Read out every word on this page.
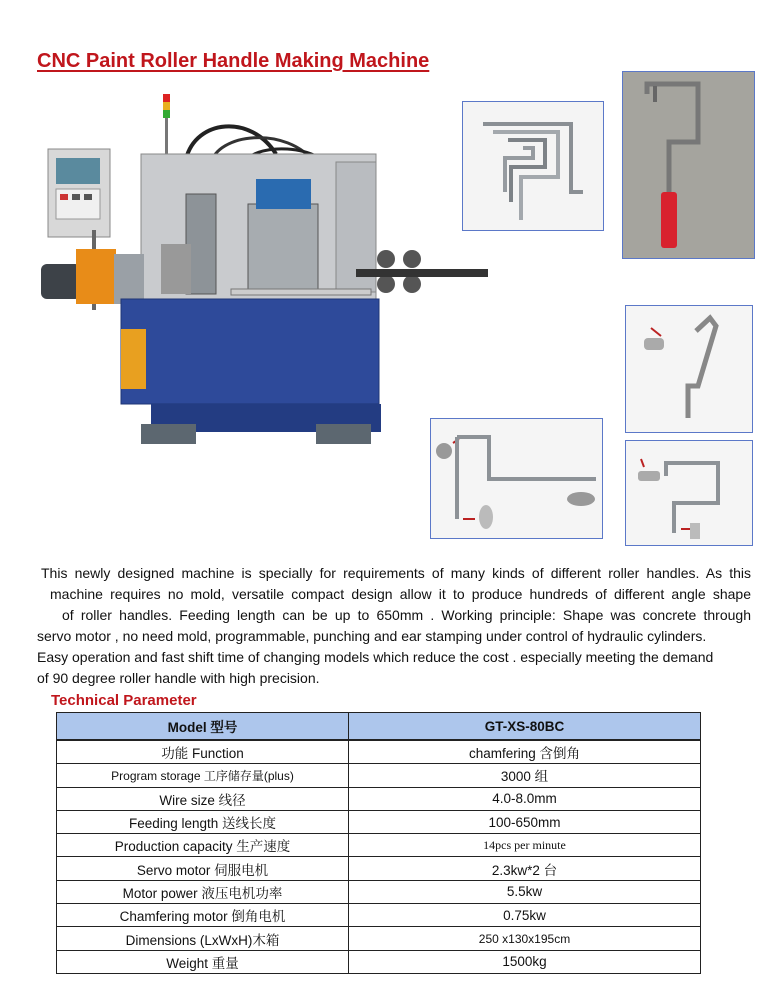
CNC Paint Roller Handle Making Machine
This newly designed machine is specially for requirements of many kinds of different roller handles. As this
machine requires no mold, versatile compact design allow it to produce hundreds of different angle shape
of roller handles. Feeding length can be up to 650mm . Working principle: Shape was concrete through
servo motor , no need mold, programmable, punching and ear stamping under control of hydraulic cylinders.
Easy operation and fast shift time of changing models which reduce the cost . especially meeting the demand
of 90 degree roller handle with high precision.
Technical Parameter
Model 型号	GT-XS-80BC
功能 Function	chamfering 含倒角
Program storage 工序储存量(plus)	3000 组
Wire size 线径	4.0-8.0mm
Feeding length 送线长度	100-650mm
Production capacity 生产速度	14pcs per minute
Servo motor 伺服电机	2.3kw*2 台
Motor power 液压电机功率	5.5kw
Chamfering motor 倒角电机	0.75kw
Dimensions (LxWxH)木箱	250 x130x195cm
Weight 重量	1500kg
